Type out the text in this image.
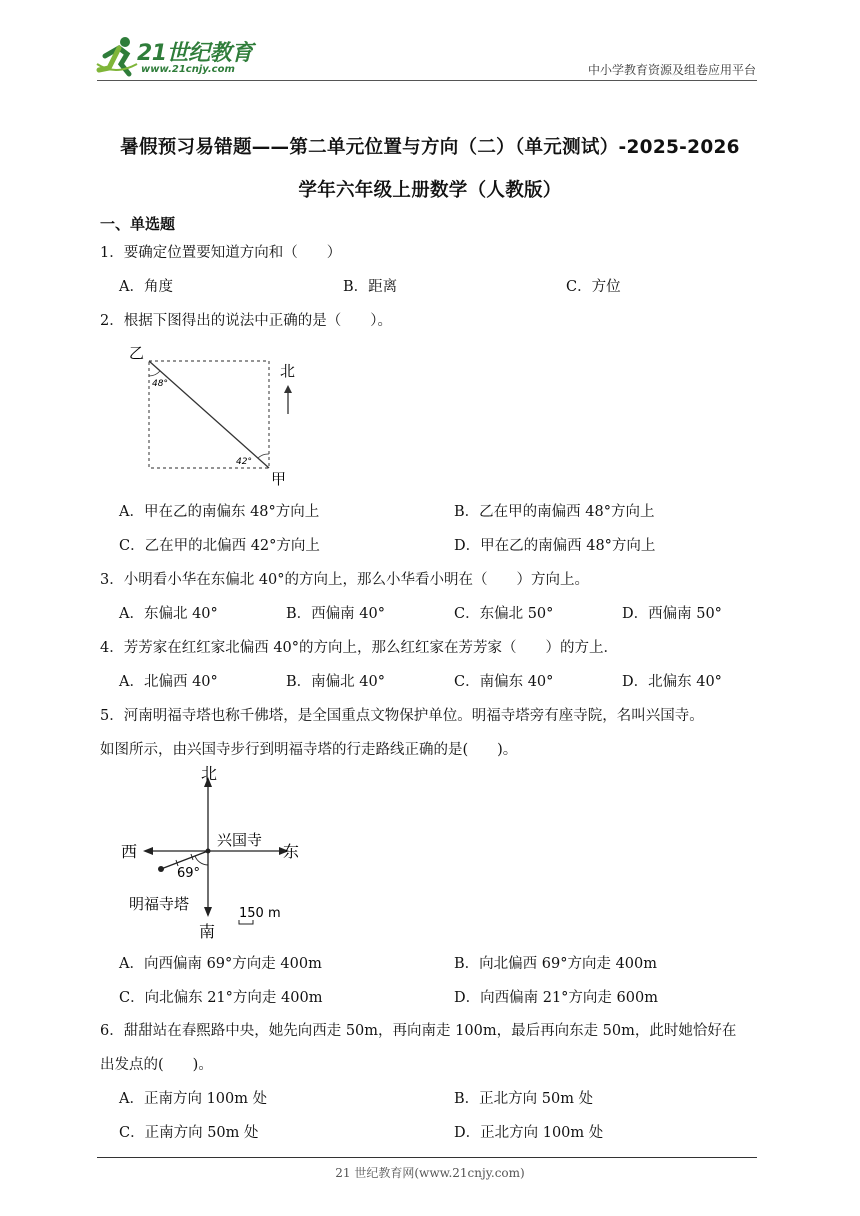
21世纪教育
www.21cnjy.com	中小学教育资源及组卷应用平台
暑假预习易错题——第二单元位置与方向（二）（单元测试）-2025-2026
学年六年级上册数学（人教版）
一、单选题
1．要确定位置要知道方向和（　　）
A．角度	B．距离	C．方位
2．根据下图得出的说法中正确的是（　　）。
乙
甲
48°
42°
北
A．甲在乙的南偏东 48°方向上	B．乙在甲的南偏西 48°方向上
C．乙在甲的北偏西 42°方向上	D．甲在乙的南偏西 48°方向上
3．小明看小华在东偏北 40°的方向上，那么小华看小明在（　　）方向上。
A．东偏北 40°	B．西偏南 40°	C．东偏北 50°	D．西偏南 50°
4．芳芳家在红红家北偏西 40°的方向上，那么红红家在芳芳家（　　）的方上．
A．北偏西 40°	B．南偏北 40°	C．南偏东 40°	D．北偏东 40°
5．河南明福寺塔也称千佛塔，是全国重点文物保护单位。明福寺塔旁有座寺院，名叫兴国寺。
如图所示，由兴国寺步行到明福寺塔的行走路线正确的是(　　)。
北
南
西	东
兴国寺
明福寺塔
69°
150 m
A．向西偏南 69°方向走 400m	B．向北偏西 69°方向走 400m
C．向北偏东 21°方向走 400m	D．向西偏南 21°方向走 600m
6．甜甜站在春熙路中央，她先向西走 50m，再向南走 100m，最后再向东走 50m，此时她恰好在
出发点的(　　)。
A．正南方向 100m 处	B．正北方向 50m 处
C．正南方向 50m 处	D．正北方向 100m 处
21 世纪教育网(www.21cnjy.com)
